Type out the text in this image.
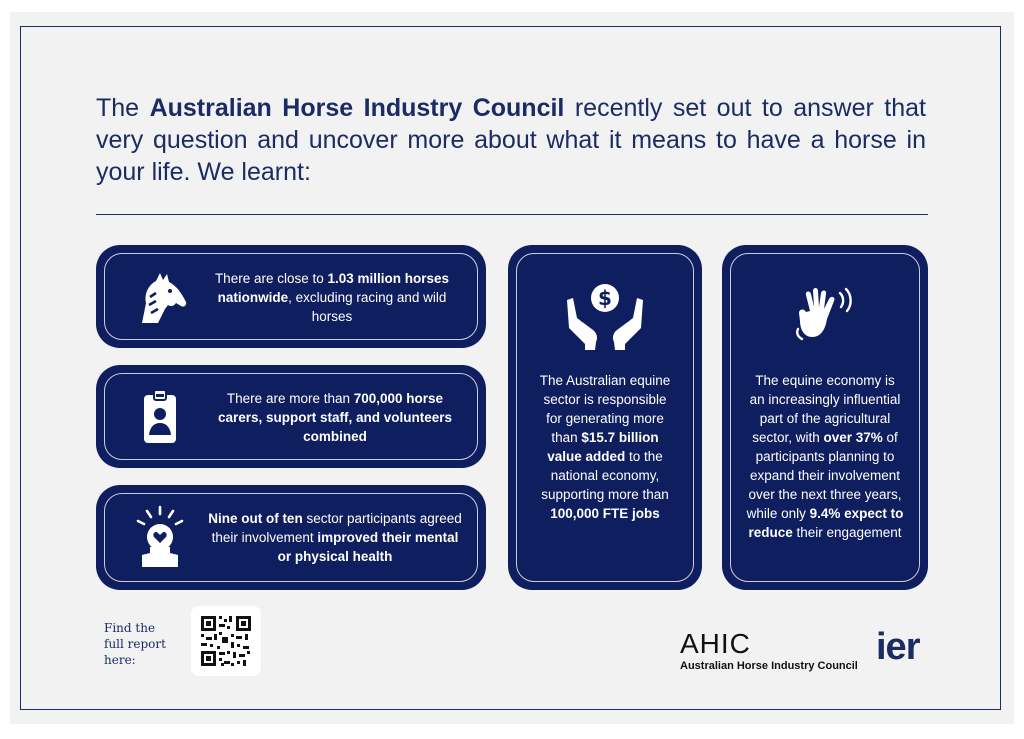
The Australian Horse Industry Council recently set out to answer that very question and uncover more about what it means to have a horse in your life. We learnt:

There are close to 1.03 million horses nationwide, excluding racing and wild horses
There are more than 700,000 horse carers, support staff, and volunteers combined
Nine out of ten sector participants agreed their involvement improved their mental or physical health
$
The Australian equine sector is responsible for generating more than $15.7 billion value added to the national economy, supporting more than 100,000 FTE jobs
The equine economy is an increasingly influential part of the agricultural sector, with over 37% of participants planning to expand their involvement over the next three years, while only 9.4% expect to reduce their engagement
Find the full report here:
AHIC
Australian Horse Industry Council ier
